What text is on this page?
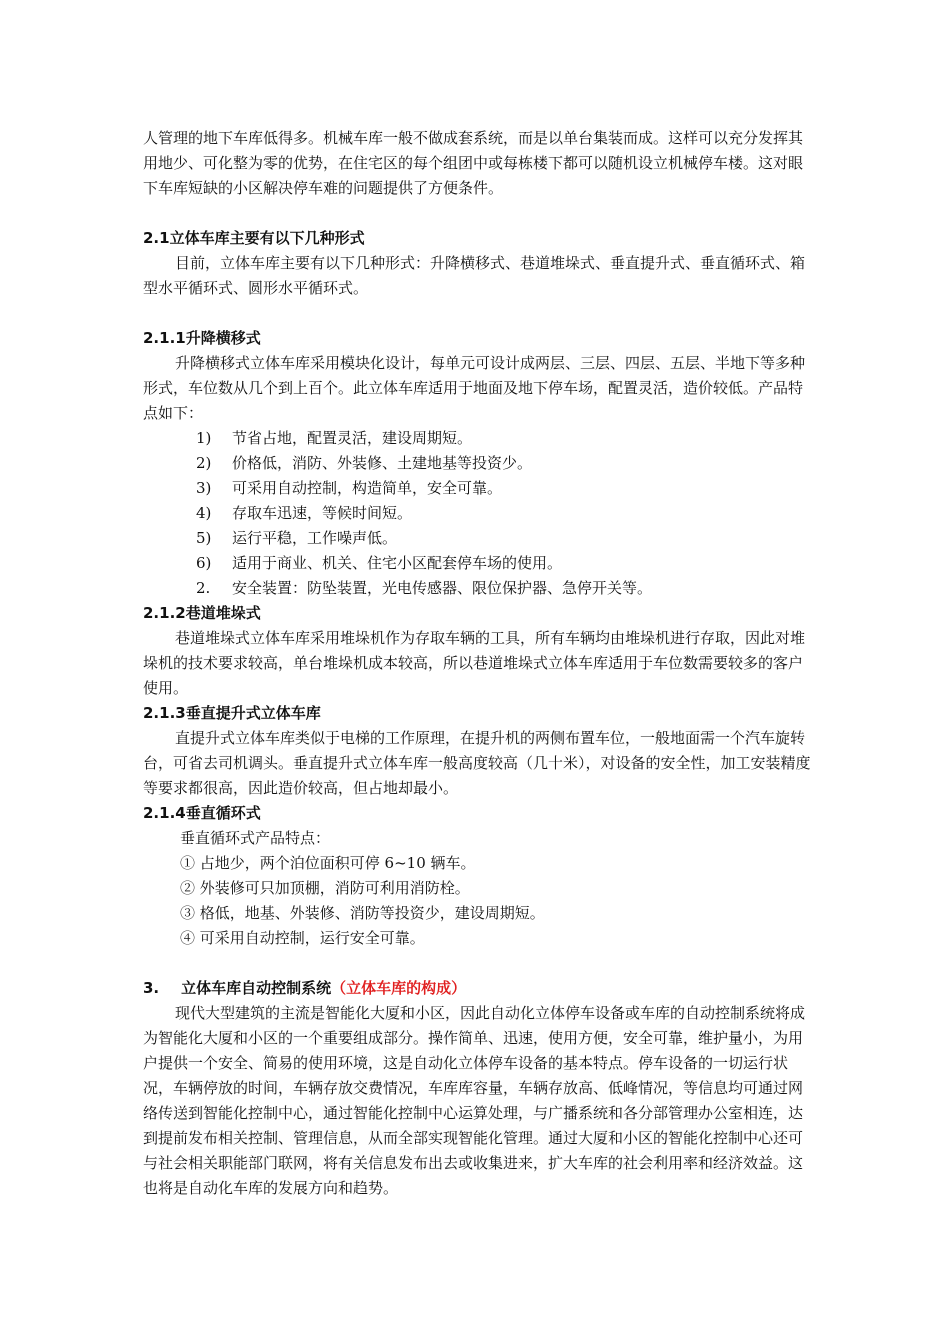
人管理的地下车库低得多。机械车库一般不做成套系统，而是以单台集装而成。这样可以充分发挥其用地少、可化整为零的优势，在住宅区的每个组团中或每栋楼下都可以随机设立机械停车楼。这对眼下车库短缺的小区解决停车难的问题提供了方便条件。
2.1立体车库主要有以下几种形式
目前，立体车库主要有以下几种形式：升降横移式、巷道堆垛式、垂直提升式、垂直循环式、箱型水平循环式、圆形水平循环式。
2.1.1升降横移式
升降横移式立体车库采用模块化设计，每单元可设计成两层、三层、四层、五层、半地下等多种形式，车位数从几个到上百个。此立体车库适用于地面及地下停车场，配置灵活，造价较低。产品特点如下：
1) 节省占地，配置灵活，建设周期短。
2) 价格低，消防、外装修、土建地基等投资少。
3) 可采用自动控制，构造简单，安全可靠。
4) 存取车迅速，等候时间短。
5) 运行平稳，工作噪声低。
6) 适用于商业、机关、住宅小区配套停车场的使用。
2. 安全装置：防坠装置，光电传感器、限位保护器、急停开关等。
2.1.2巷道堆垛式
巷道堆垛式立体车库采用堆垛机作为存取车辆的工具，所有车辆均由堆垛机进行存取，因此对堆垛机的技术要求较高，单台堆垛机成本较高，所以巷道堆垛式立体车库适用于车位数需要较多的客户使用。
2.1.3垂直提升式立体车库
直提升式立体车库类似于电梯的工作原理，在提升机的两侧布置车位，一般地面需一个汽车旋转台，可省去司机调头。垂直提升式立体车库一般高度较高（几十米），对设备的安全性，加工安装精度等要求都很高，因此造价较高，但占地却最小。
2.1.4垂直循环式
垂直循环式产品特点：
① 占地少，两个泊位面积可停 6~10 辆车。
② 外装修可只加顶棚，消防可利用消防栓。
③ 格低，地基、外装修、消防等投资少，建设周期短。
④ 可采用自动控制，运行安全可靠。
3. 立体车库自动控制系统（立体车库的构成）
现代大型建筑的主流是智能化大厦和小区，因此自动化立体停车设备或车库的自动控制系统将成为智能化大厦和小区的一个重要组成部分。操作简单、迅速，使用方便，安全可靠，维护量小，为用户提供一个安全、简易的使用环境，这是自动化立体停车设备的基本特点。停车设备的一切运行状况，车辆停放的时间，车辆存放交费情况，车库库容量，车辆存放高、低峰情况，等信息均可通过网络传送到智能化控制中心，通过智能化控制中心运算处理，与广播系统和各分部管理办公室相连，达到提前发布相关控制、管理信息，从而全部实现智能化管理。通过大厦和小区的智能化控制中心还可与社会相关职能部门联网，将有关信息发布出去或收集进来，扩大车库的社会利用率和经济效益。这也将是自动化车库的发展方向和趋势。
